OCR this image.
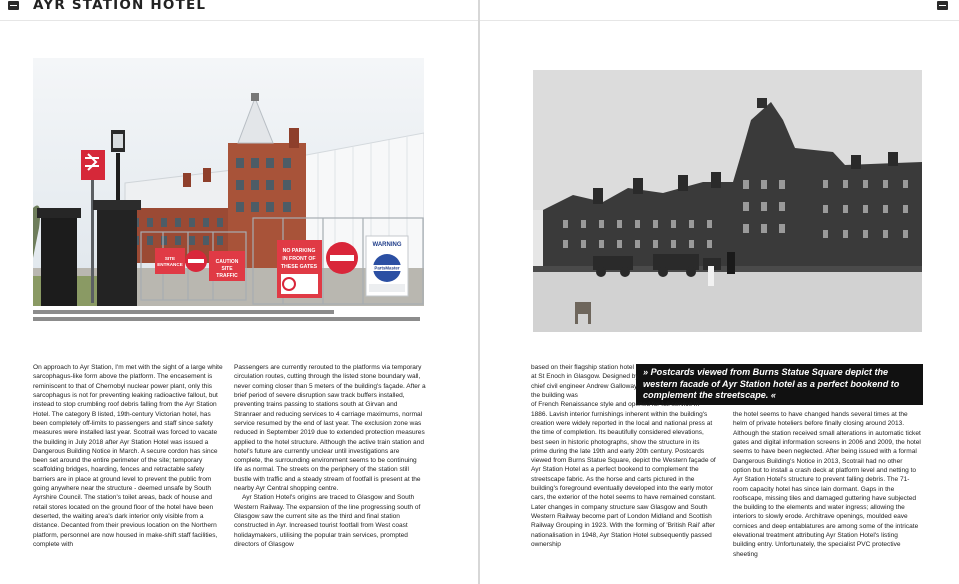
AYR STATION HOTEL
SITE
ENTRANCE	CAUTION
SITE
TRAFFIC
NO PARKING
IN FRONT OF
THESE GATES
WARNING
PartsMaster

On approach to Ayr Station, I'm met with the sight of a large white sarcophagus-like form above the platform. The encasement is reminiscent to that of Chernobyl nuclear power plant, only this sarcophagus is not for preventing leaking radioactive fallout, but instead to stop crumbling roof debris falling from the Ayr Station Hotel. The category B listed, 19th-century Victorian hotel, has been completely off-limits to passengers and staff since safety measures were installed last year. Scotrail was forced to vacate the building in July 2018 after Ayr Station Hotel was issued a Dangerous Building Notice in March. A secure cordon has since been set around the entire perimeter of the site; temporary scaffolding bridges, hoarding, fences and retractable safety barriers are in place at ground level to prevent the public from going anywhere near the structure - deemed unsafe by South Ayrshire Council. The station's toilet areas, back of house and retail stores located on the ground floor of the hotel have been deserted, the waiting area's dark interior only visible from a distance. Decanted from their previous location on the Northern platform, personnel are now housed in make-shift staff facilities, complete with

Passengers are currently rerouted to the platforms via temporary circulation routes, cutting through the listed stone boundary wall, never coming closer than 5 meters of the building's façade. After a brief period of severe disruption saw track buffers installed, preventing trains passing to stations south at Girvan and Stranraer and reducing services to 4 carriage maximums, normal service resumed by the end of last year. The exclusion zone was reduced in September 2019 due to extended protection measures applied to the hotel structure. Although the active train station and hotel's future are currently unclear until investigations are complete, the surrounding environment seems to be continuing life as normal. The streets on the periphery of the station still bustle with traffic and a steady stream of footfall is present at the nearby Ayr Central shopping centre.

Ayr Station Hotel's origins are traced to Glasgow and South Western Railway. The expansion of the line progressing south of Glasgow saw the current site as the third and final station constructed in Ayr. Increased tourist footfall from West coast holidaymakers, utilising the popular train services, prompted directors of Glasgow

» Postcards viewed from Burns Statue Square depict the western facade of Ayr Station hotel as a perfect bookend to complement the streetscape. «

based on their flagship station hotel at St Enoch in Glasgow. Designed by chief civil engineer Andrew Galloway, the building was

of French Renaissance style and opened for full service in 1886. Lavish interior furnishings inherent within the building's creation were widely reported in the local and national press at the time of completion. Its beautifully considered elevations, best seen in historic photographs, show the structure in its prime during the late 19th and early 20th century. Postcards viewed from Burns Statue Square, depict the Western façade of Ayr Station Hotel as a perfect bookend to complement the streetscape fabric. As the horse and carts pictured in the building's foreground eventually developed into the early motor cars, the exterior of the hotel seems to have remained constant. Later changes in company structure saw Glasgow and South Western Railway become part of London Midland and Scottish Railway Grouping in 1923. With the forming of 'British Rail' after nationalisation in 1948, Ayr Station Hotel subsequently passed ownership

the hotel seems to have changed hands several times at the helm of private hoteliers before finally closing around 2013. Although the station received small alterations in automatic ticket gates and digital information screens in 2006 and 2009, the hotel seems to have been neglected. After being issued with a formal Dangerous Building's Notice in 2013, Scotrail had no other option but to install a crash deck at platform level and netting to Ayr Station Hotel's structure to prevent falling debris. The 71-room capacity hotel has since lain dormant. Gaps in the roofscape, missing tiles and damaged guttering have subjected the building to the elements and water ingress; allowing the interiors to slowly erode. Architrave openings, moulded eave cornices and deep entablatures are among some of the intricate elevational treatment attributing Ayr Station Hotel's listing building entry. Unfortunately, the specialist PVC protective sheeting
